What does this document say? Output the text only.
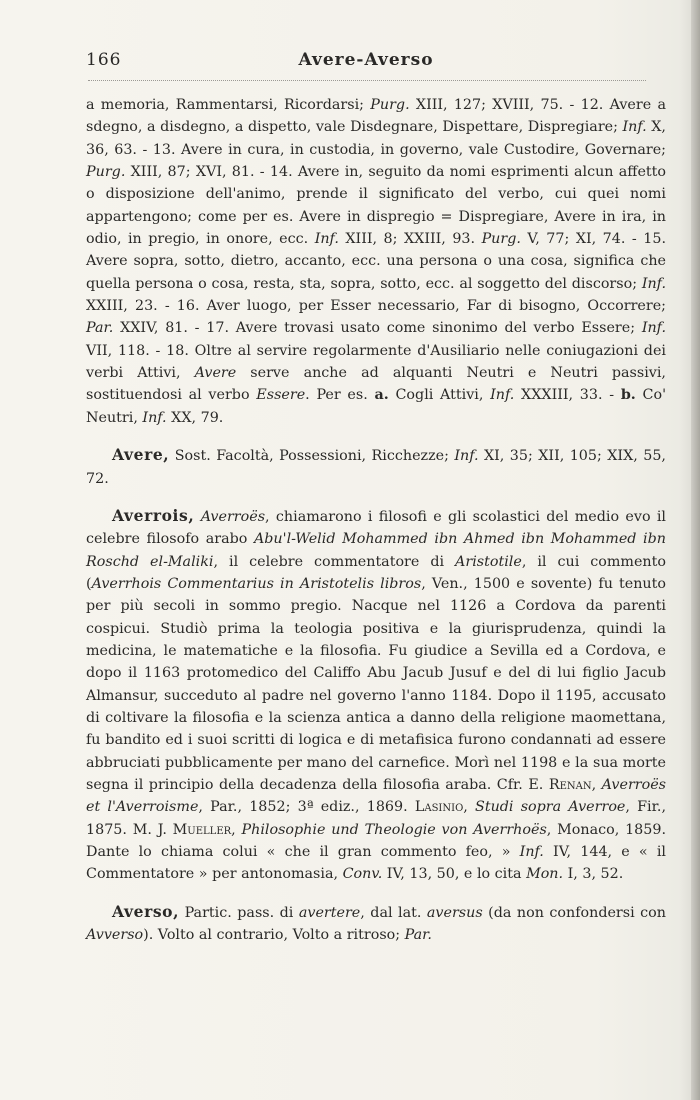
166	Avere-Averso

a memoria, Rammentarsi, Ricordarsi; Purg. XIII, 127; XVIII, 75. - 12. Avere a sdegno, a disdegno, a dispetto, vale Disdegnare, Dispettare, Dispregiare; Inf. X, 36, 63. - 13. Avere in cura, in custodia, in governo, vale Custodire, Governare; Purg. XIII, 87; XVI, 81. - 14. Avere in, seguito da nomi esprimenti alcun affetto o disposizione dell'animo, prende il significato del verbo, cui quei nomi appartengono; come per es. Avere in dispregio = Dispregiare, Avere in ira, in odio, in pregio, in onore, ecc. Inf. XIII, 8; XXIII, 93. Purg. V, 77; XI, 74. - 15. Avere sopra, sotto, dietro, accanto, ecc. una persona o una cosa, significa che quella persona o cosa, resta, sta, sopra, sotto, ecc. al soggetto del discorso; Inf. XXIII, 23. - 16. Aver luogo, per Esser necessario, Far di bisogno, Occorrere; Par. XXIV, 81. - 17. Avere trovasi usato come sinonimo del verbo Essere; Inf. VII, 118. - 18. Oltre al servire regolarmente d'Ausiliario nelle coniugazioni dei verbi Attivi, Avere serve anche ad alquanti Neutri e Neutri passivi, sostituendosi al verbo Essere. Per es. a. Cogli Attivi, Inf. XXXIII, 33. - b. Co' Neutri, Inf. XX, 79.

Avere, Sost. Facoltà, Possessioni, Ricchezze; Inf. XI, 35; XII, 105; XIX, 55, 72.

Averrois, Averroës, chiamarono i filosofi e gli scolastici del medio evo il celebre filosofo arabo Abu'l-Welid Mohammed ibn Ahmed ibn Mohammed ibn Roschd el-Maliki, il celebre commentatore di Aristotile, il cui commento (Averrhois Commentarius in Aristotelis libros, Ven., 1500 e sovente) fu tenuto per più secoli in sommo pregio. Nacque nel 1126 a Cordova da parenti cospicui. Studiò prima la teologia positiva e la giurisprudenza, quindi la medicina, le matematiche e la filosofia. Fu giudice a Sevilla ed a Cordova, e dopo il 1163 protomedico del Califfo Abu Jacub Jusuf e del di lui figlio Jacub Almansur, succeduto al padre nel governo l'anno 1184. Dopo il 1195, accusato di coltivare la filosofia e la scienza antica a danno della religione maomettana, fu bandito ed i suoi scritti di logica e di metafisica furono condannati ad essere abbruciati pubblicamente per mano del carnefice. Morì nel 1198 e la sua morte segna il principio della decadenza della filosofia araba. Cfr. E. Renan, Averroës et l'Averroisme, Par., 1852; 3ª ediz., 1869. Lasinio, Studi sopra Averroe, Fir., 1875. M. J. Mueller, Philosophie und Theologie von Averrhoës, Monaco, 1859. Dante lo chiama colui « che il gran commento feo, » Inf. IV, 144, e « il Commentatore » per antonomasia, Conv. IV, 13, 50, e lo cita Mon. I, 3, 52.

Averso, Partic. pass. di avertere, dal lat. aversus (da non confondersi con Avverso). Volto al contrario, Volto a ritroso; Par.
